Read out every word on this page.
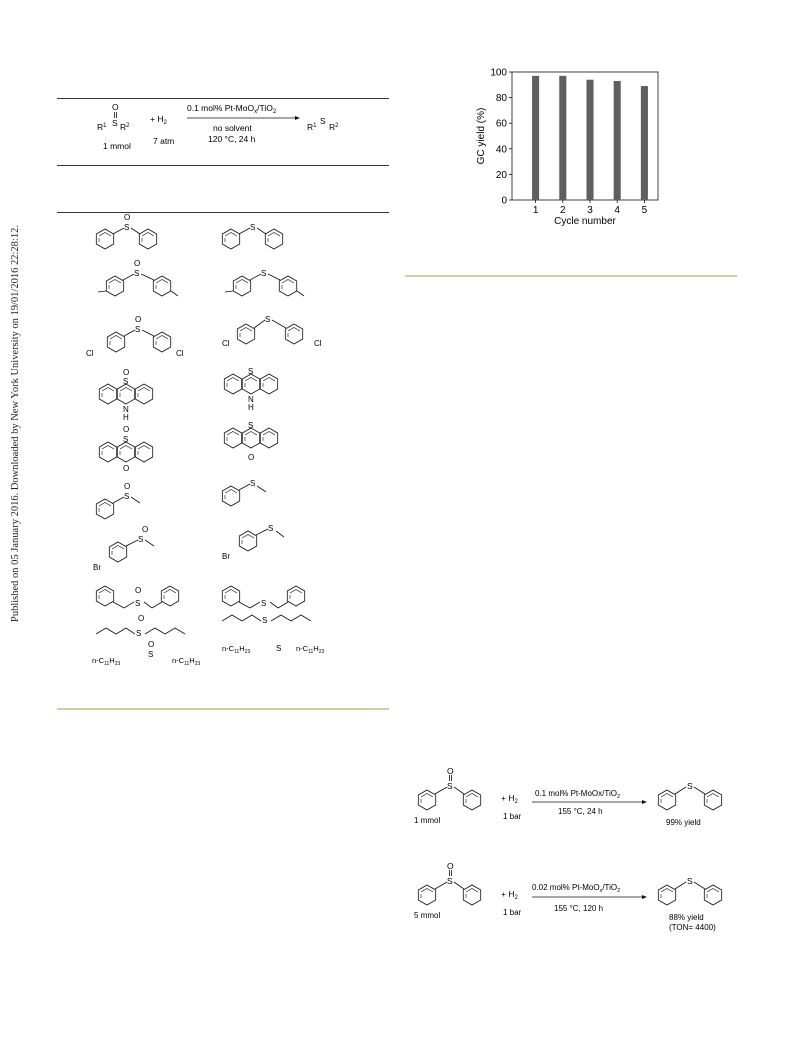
Published on 05 January 2016. Downloaded by New York University on 19/01/2016 22:28:12.
O
$R^1$ S $R^2$
1 mmol
+ $H_2$
7 atm
0.1 mol% Pt-MoO$_x$/TiO$_2$
no solvent
120 °C, 24 h
$R^1$ S
$R^2$
S
O
S
S
O
S
S
O
Cl	Cl
S
Cl	Cl
S
O
N
H
S
N
H
S
O
O
S
O
S
O	S
S
O
Br
S
Br
S
O
S
S
O	S
$n-C_{11}H_{23}$
S
O
$n-C_{11}H_{23}$
$n-C_{11}H_{23}$	S $n-C_{11}H_{23}$
0
20
40
60
80
100
1 2 3 4 5
GC yield (%)
Cycle number
S
O
1 mmol
+ $H_2$
1 bar
0.1 mol% Pt-MoOx/TiO$_2$
155 °C, 24 h
S
99% yield
S
O
5 mmol
+ $H_2$
1 bar
0.02 mol% Pt-MoO$_x$/TiO$_2$
155 °C, 120 h
S
88% yield
(TON= 4400)
